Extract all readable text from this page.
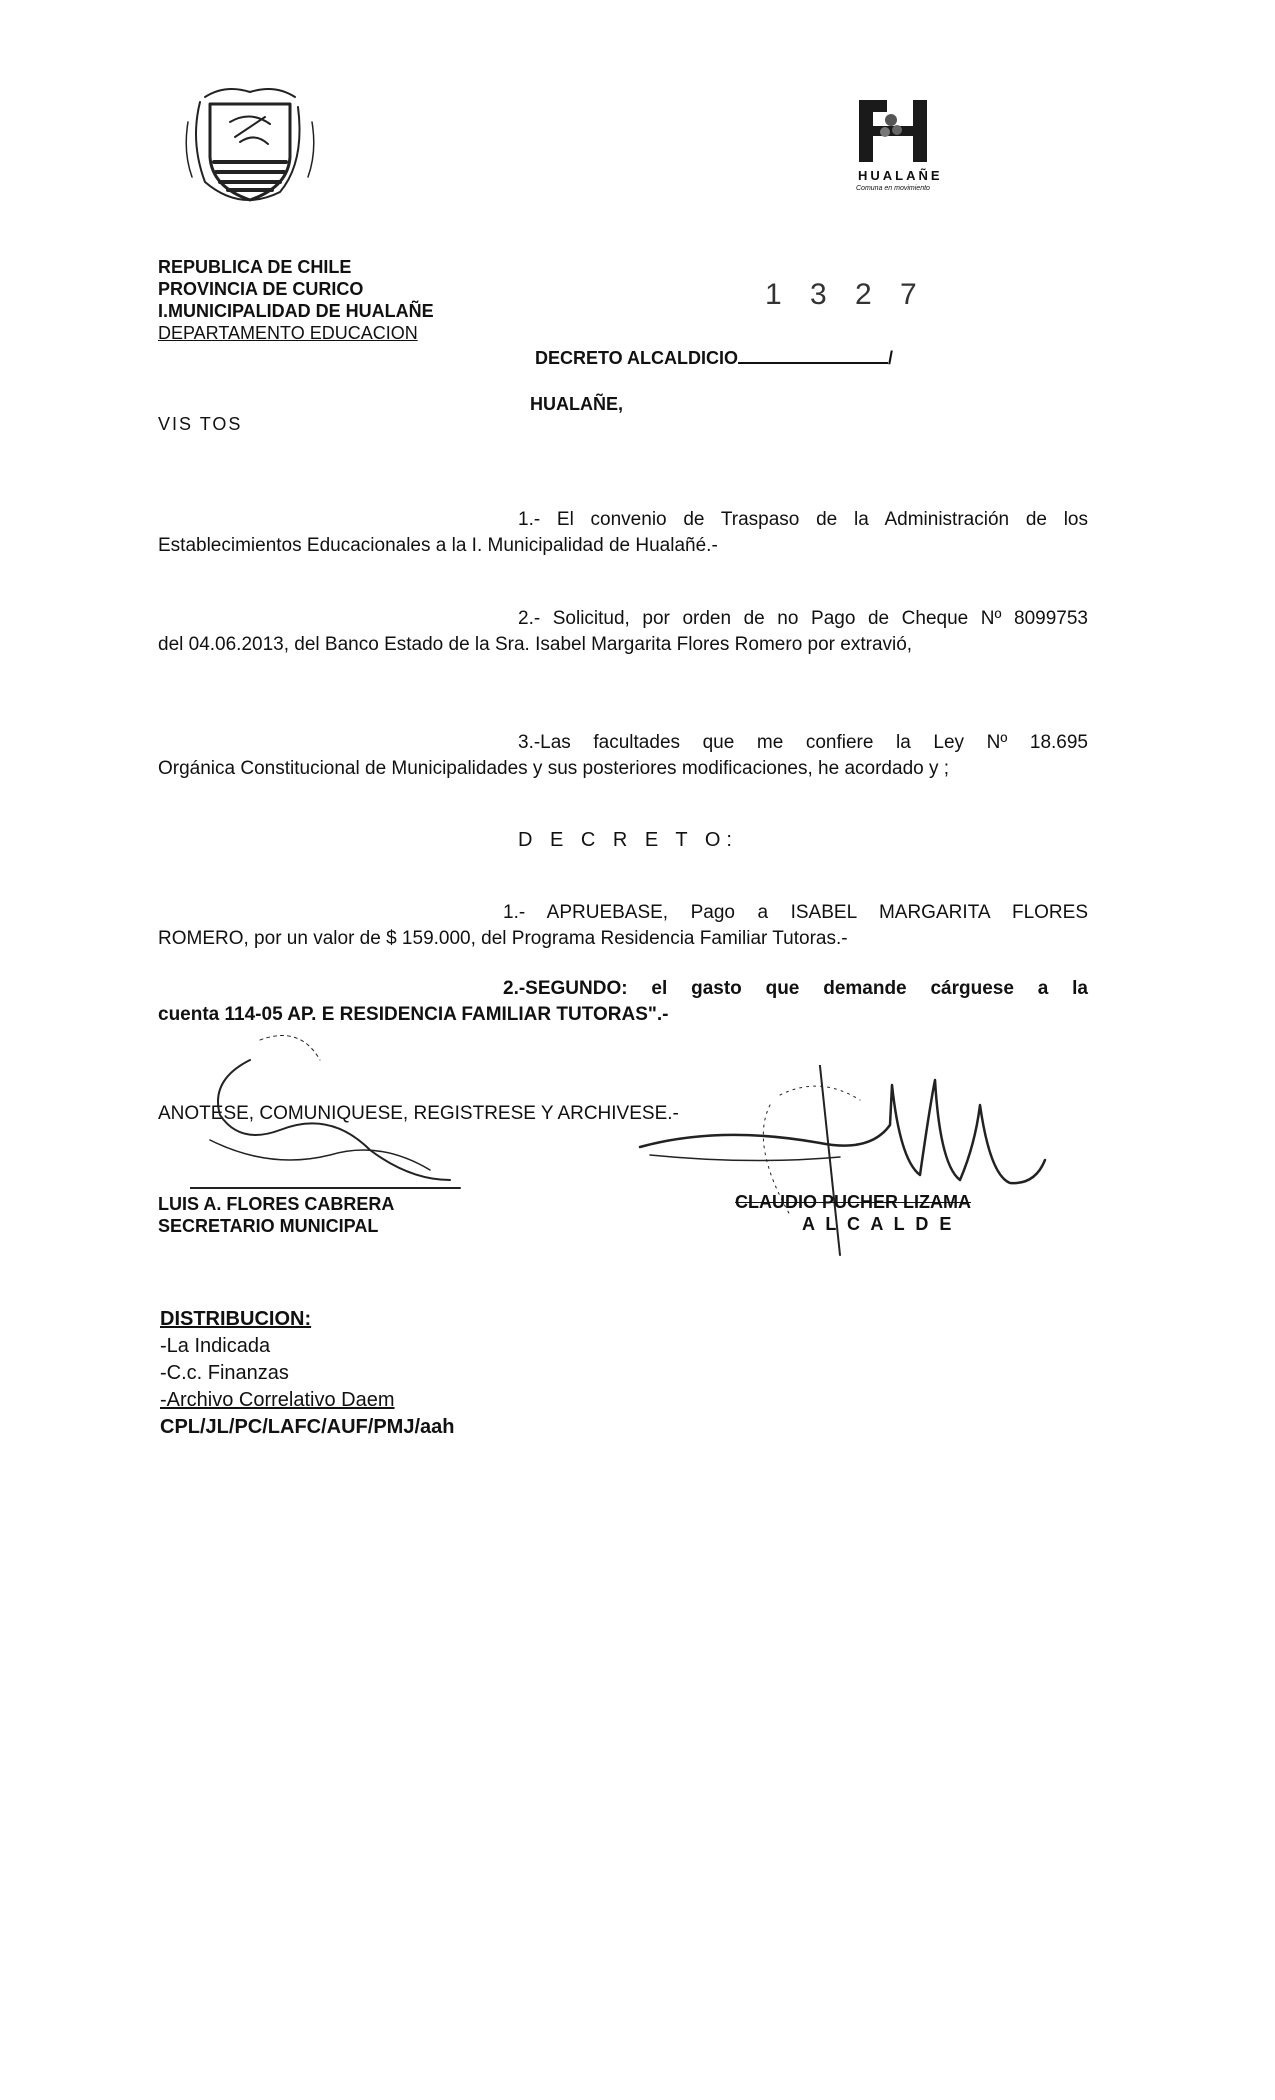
HUALAÑE
Comuna en movimiento
REPUBLICA DE CHILE
PROVINCIA DE CURICO
I.MUNICIPALIDAD DE HUALAÑE
DEPARTAMENTO EDUCACION
1 3 2 7
DECRETO ALCALDICIO	/
HUALAÑE,
VIS TOS
1.- El convenio de Traspaso de la Administración de los
Establecimientos Educacionales a la I. Municipalidad de Hualañé.-
2.- Solicitud, por orden de no Pago de Cheque Nº 8099753
del 04.06.2013, del Banco Estado de la Sra. Isabel Margarita Flores Romero por extravió,
3.-Las facultades que me confiere la Ley Nº 18.695
Orgánica Constitucional de Municipalidades y sus posteriores modificaciones, he acordado y ;
D E C R E T O:
1.- APRUEBASE, Pago a ISABEL MARGARITA FLORES
ROMERO, por un valor de $ 159.000, del Programa Residencia Familiar Tutoras.-
2.-SEGUNDO: el gasto que demande cárguese a la
cuenta 114-05 AP. E RESIDENCIA FAMILIAR TUTORAS".-
ANOTESE, COMUNIQUESE, REGISTRESE Y ARCHIVESE.-
LUIS A. FLORES CABRERA
SECRETARIO MUNICIPAL
CLAUDIO PUCHER LIZAMA
A L C A L D E
DISTRIBUCION:
-La Indicada
-C.c. Finanzas
-Archivo Correlativo Daem
CPL/JL/PC/LAFC/AUF/PMJ/aah
